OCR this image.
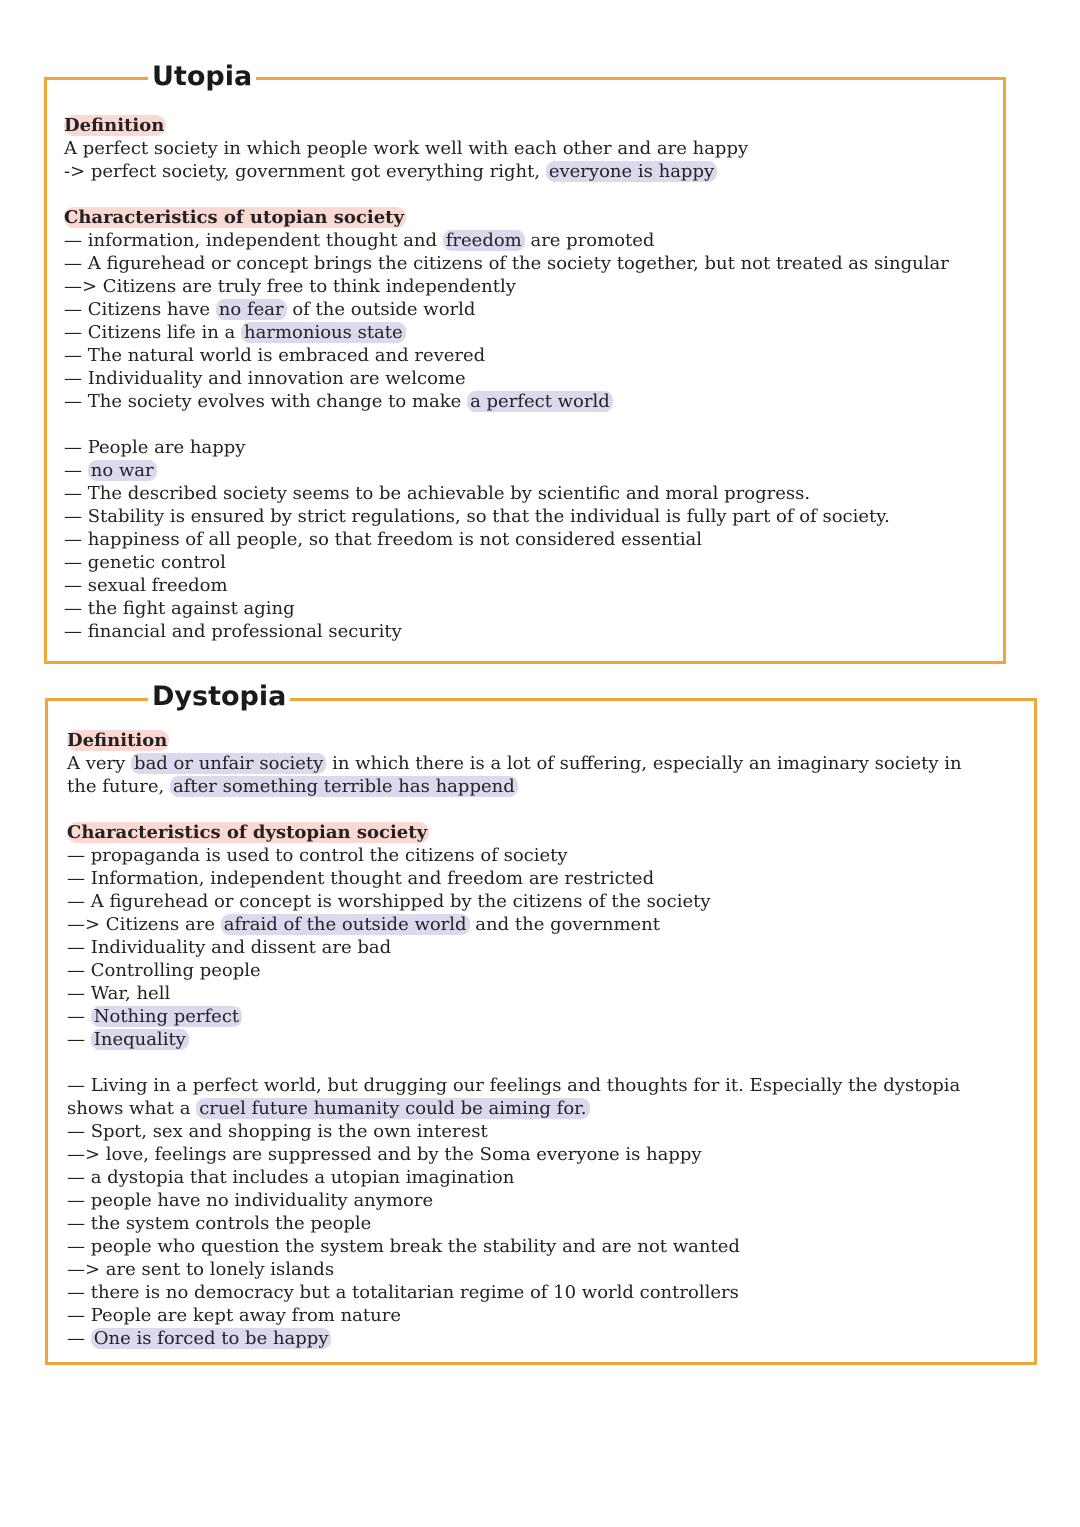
Utopia
Definition
A perfect society in which people work well with each other and are happy
-> perfect society, government got everything right, everyone is happy
Characteristics of utopian society
— information, independent thought and freedom are promoted
— A figurehead or concept brings the citizens of the society together, but not treated as singular
—> Citizens are truly free to think independently
— Citizens have no fear of the outside world
— Citizens life in a harmonious state
— The natural world is embraced and revered
— Individuality and innovation are welcome
— The society evolves with change to make a perfect world
— People are happy
— no war
— The described society seems to be achievable by scientific and moral progress.
— Stability is ensured by strict regulations, so that the individual is fully part of of society.
— happiness of all people, so that freedom is not considered essential
— genetic control
— sexual freedom
— the fight against aging
— financial and professional security
Dystopia
Definition
A very bad or unfair society in which there is a lot of suffering, especially an imaginary society in
the future, after something terrible has happend
Characteristics of dystopian society
— propaganda is used to control the citizens of society
— Information, independent thought and freedom are restricted
— A figurehead or concept is worshipped by the citizens of the society
—> Citizens are afraid of the outside world and the government
— Individuality and dissent are bad
— Controlling people
— War, hell
— Nothing perfect
— Inequality
— Living in a perfect world, but drugging our feelings and thoughts for it. Especially the dystopia
shows what a cruel future humanity could be aiming for.
— Sport, sex and shopping is the own interest
—> love, feelings are suppressed and by the Soma everyone is happy
— a dystopia that includes a utopian imagination
— people have no individuality anymore
— the system controls the people
— people who question the system break the stability and are not wanted
—> are sent to lonely islands
— there is no democracy but a totalitarian regime of 10 world controllers
— People are kept away from nature
— One is forced to be happy
